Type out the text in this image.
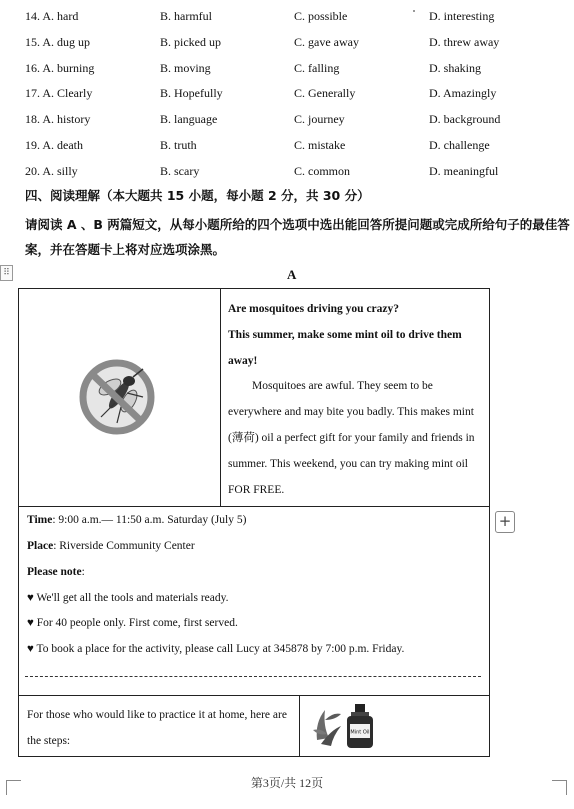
14. A. hard	B. harmful	C. possible	D. interesting
15. A. dug up	B. picked up	C. gave away	D. threw away
16. A. burning	B. moving	C. falling	D. shaking
17. A. Clearly	B. Hopefully	C. Generally	D. Amazingly
18. A. history	B. language	C. journey	D. background
19. A. death	B. truth	C. mistake	D. challenge
20. A. silly	B. scary	C. common	D. meaningful
四、阅读理解（本大题共 15 小题，每小题 2 分，共 30 分）
请阅读 A 、B 两篇短文，从每小题所给的四个选项中选出能回答所提问题或完成所给句子的最佳答案，并在答题卡上将对应选项涂黑。
⠿	A
Are mosquitoes driving you crazy?
This summer, make some mint oil to drive them away!
Mosquitoes are awful. They seem to be everywhere and may bite you badly. This makes mint (薄荷) oil a perfect gift for your family and friends in summer. This weekend, you can try making mint oil FOR FREE.
Time: 9:00 a.m.— 11:50 a.m. Saturday (July 5)
Place: Riverside Community Center
Please note:
♥ We'll get all the tools and materials ready.
♥ For 40 people only. First come, first served.
♥ To book a place for the activity, please call Lucy at 345878 by 7:00 p.m. Friday.
For those who would like to practice it at home, here are the steps:
Mint Oil
+
第3页/共 12页
